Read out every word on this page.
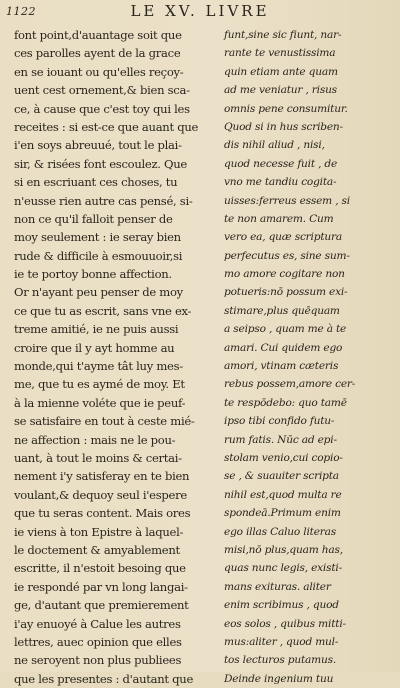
1122	LE XV. LIVRE
font point,d'auantage soit que
ces parolles ayent de la grace
en se iouant ou qu'elles reçoy-
uent cest ornement,& bien sca-
ce, à cause que c'est toy qui les
receites : si est-ce que auant que
i'en soys abreuué, tout le plai-
sir, & risées font escoulez. Que
si en escriuant ces choses, tu
n'eusse rien autre cas pensé, si-
non ce qu'il falloit penser de
moy seulement : ie seray bien
rude & difficile à esmouuoir,si
ie te portoy bonne affection.
Or n'ayant peu penser de moy
ce que tu as escrit, sans vne ex-
treme amitié, ie ne puis aussi
croire que il y ayt homme au
monde,qui t'ayme tât luy mes-
me, que tu es aymé de moy. Et
à la mienne voléte que ie peuf-
se satisfaire en tout à ceste mié-
ne affection : mais ne le pou-
uant, à tout le moins & certai-
nement i'y satisferay en te bien
voulant,& dequoy seul i'espere
que tu seras content. Mais ores
ie viens à ton Epistre à laquel-
le doctement & amyablement
escritte, il n'estoit besoing que
ie respondé par vn long langai-
ge, d'autant que premierement
i'ay enuoyé à Calue les autres
lettres, auec opinion que elles
ne seroyent non plus publiees
que les presentes : d'autant que
funt,sine sic fiunt, nar-
rante te venustissima
quin etiam ante quam
ad me veniatur , risus
omnis pene consumitur.
Quod si in hus scriben-
dis nihil aliud , nisi,
quod necesse fuit , de
vno me tandiu cogita-
uisses:ferreus essem , si
te non amarem. Cum
vero ea, quæ scriptura
perfecutus es, sine sum-
mo amore cogitare non
potueris:nō possum exi-
stimare,plus quēquam
a seipso , quam me à te
amari. Cui quidem ego
amori, vtinam cæteris
rebus possem,amore cer-
te respōdebo: quo tamē
ipso tibi confido futu-
rum fatis. Nūc ad epi-
stolam venio,cui copio-
se , & suauiter scripta
nihil est,quod multa re
spondeā.Primum enim
ego illas Caluo literas
misi,nō plus,quam has,
quas nunc legis, existi-
mans exituras. aliter
enim scribimus , quod
eos solos , quibus mitti-
mus:aliter , quod mul-
tos lecturos putamus.
Deinde ingenium tuu
